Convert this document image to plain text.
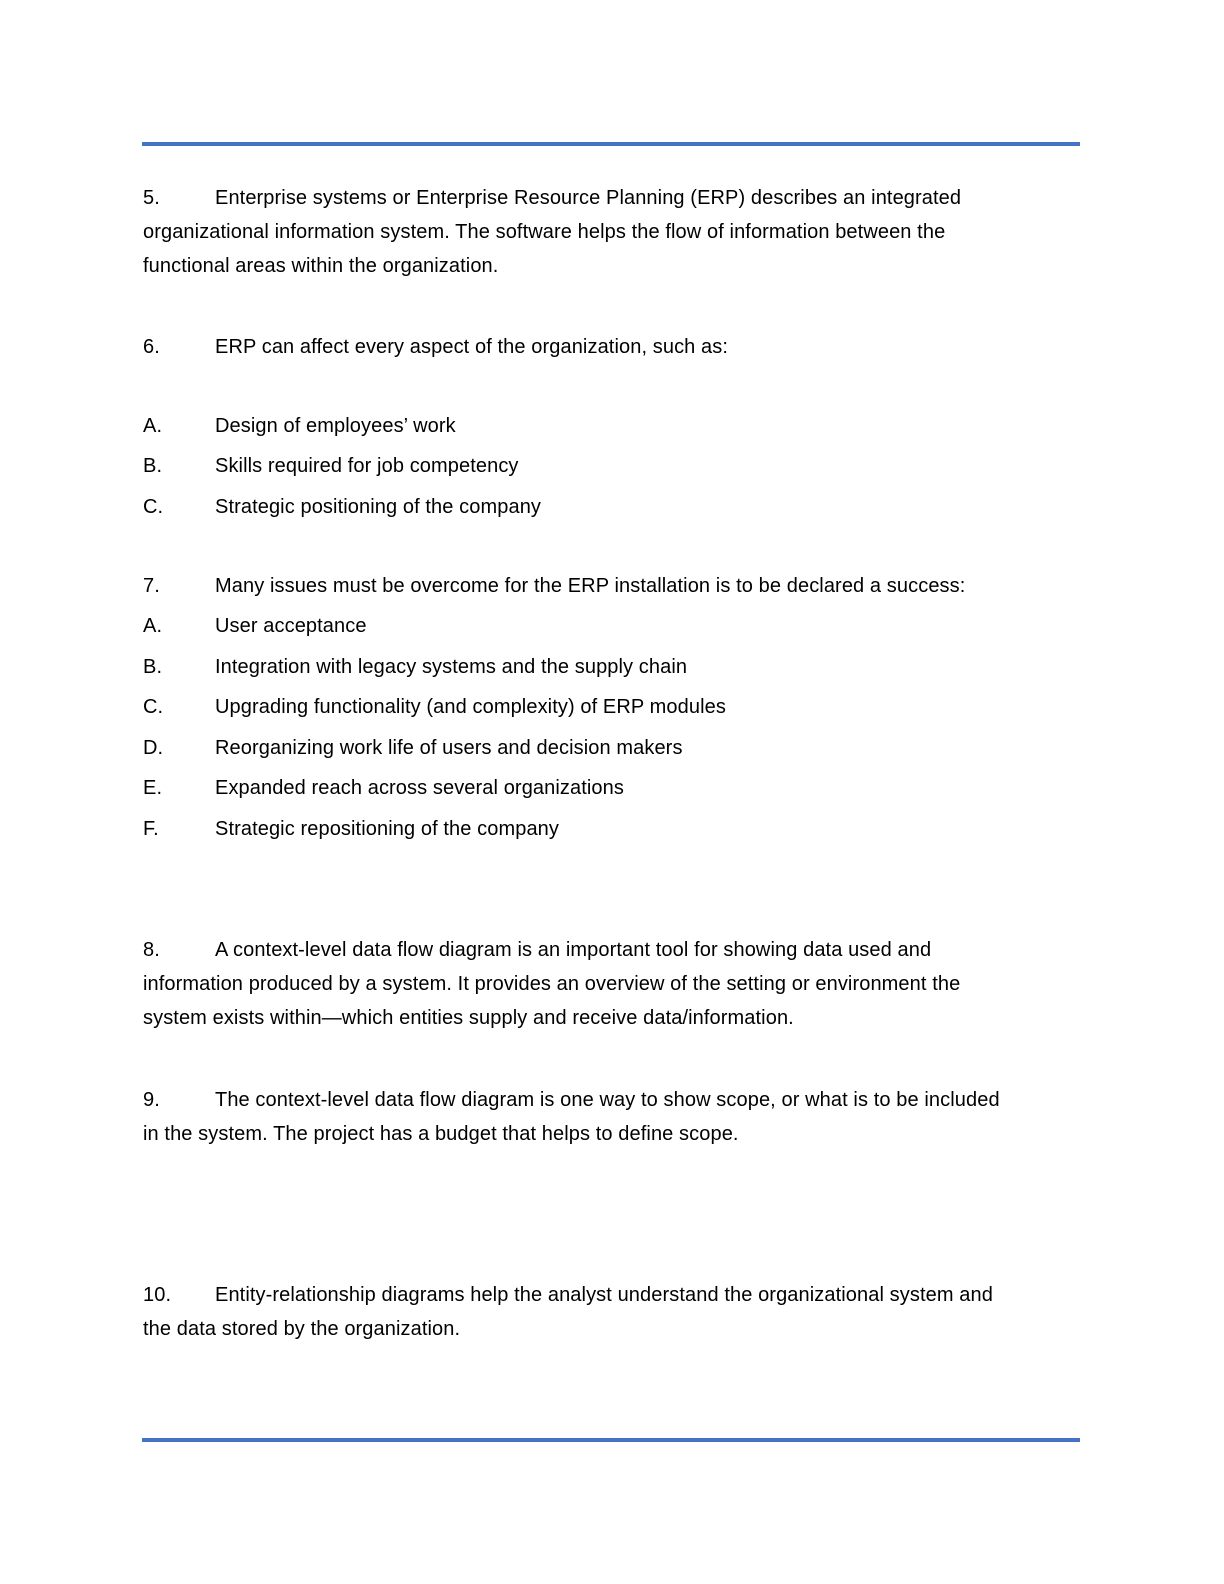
5.	Enterprise systems or Enterprise Resource Planning (ERP) describes an integrated
organizational information system. The software helps the flow of information between the
functional areas within the organization.
6.	ERP can affect every aspect of the organization, such as:
A.	Design of employees’ work
B.	Skills required for job competency
C.	Strategic positioning of the company
7.	Many issues must be overcome for the ERP installation is to be declared a success:
A.	User acceptance
B.	Integration with legacy systems and the supply chain
C.	Upgrading functionality (and complexity) of ERP modules
D.	Reorganizing work life of users and decision makers
E.	Expanded reach across several organizations
F.	Strategic repositioning of the company
8.	A context-level data flow diagram is an important tool for showing data used and
information produced by a system. It provides an overview of the setting or environment the
system exists within—which entities supply and receive data/information.
9.	The context-level data flow diagram is one way to show scope, or what is to be included
in the system. The project has a budget that helps to define scope.
10. Entity-relationship diagrams help the analyst understand the organizational system and
the data stored by the organization.
